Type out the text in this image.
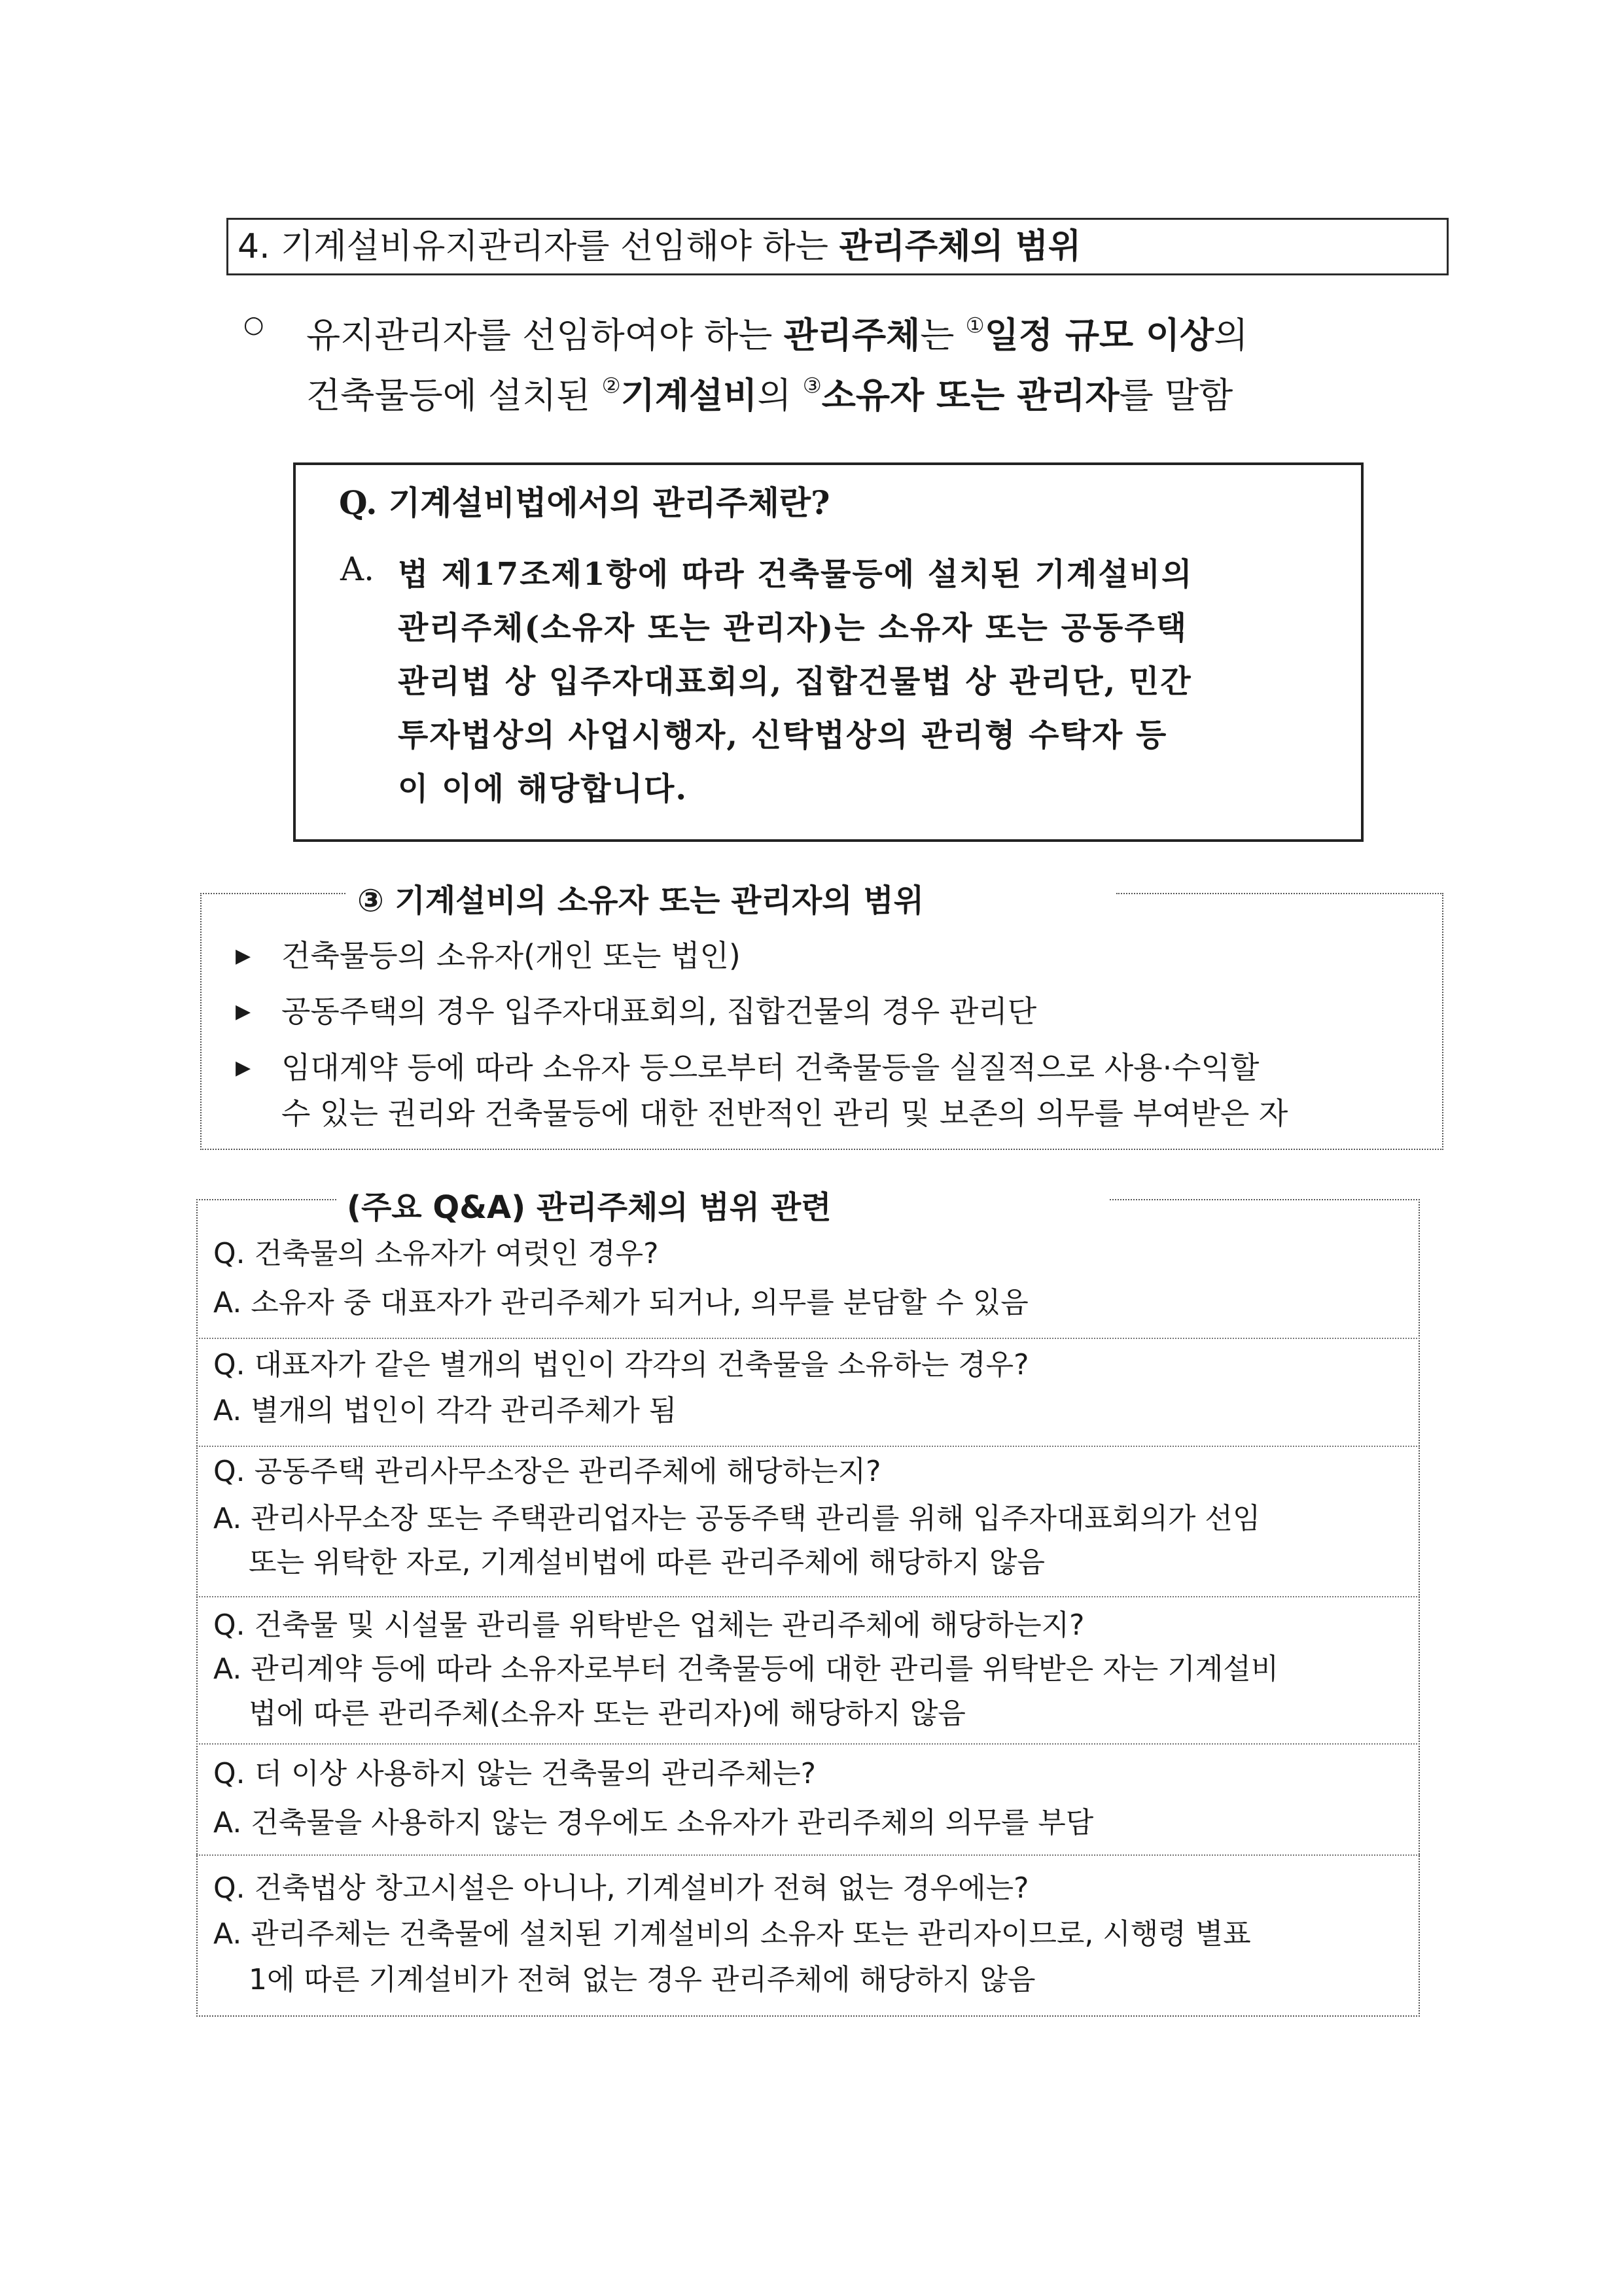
4. 기계설비유지관리자를 선임해야 하는 관리주체의 범위
○ 유지관리자를 선임하여야 하는 관리주체는 ①일정 규모 이상의
건축물등에 설치된 ②기계설비의 ③소유자 또는 관리자를 말함
Q. 기계설비법에서의 관리주체란?
A. 법 제17조제1항에 따라 건축물등에 설치된 기계설비의
관리주체(소유자 또는 관리자)는 소유자 또는 공동주택
관리법 상 입주자대표회의, 집합건물법 상 관리단, 민간
투자법상의 사업시행자, 신탁법상의 관리형 수탁자 등
이 이에 해당합니다.
③ 기계설비의 소유자 또는 관리자의 범위
▶ 건축물등의 소유자(개인 또는 법인)
▶ 공동주택의 경우 입주자대표회의, 집합건물의 경우 관리단
▶ 임대계약 등에 따라 소유자 등으로부터 건축물등을 실질적으로 사용·수익할
수 있는 권리와 건축물등에 대한 전반적인 관리 및 보존의 의무를 부여받은 자
(주요 Q&A) 관리주체의 범위 관련
Q. 건축물의 소유자가 여럿인 경우?
A. 소유자 중 대표자가 관리주체가 되거나, 의무를 분담할 수 있음
Q. 대표자가 같은 별개의 법인이 각각의 건축물을 소유하는 경우?
A. 별개의 법인이 각각 관리주체가 됨
Q. 공동주택 관리사무소장은 관리주체에 해당하는지?
A. 관리사무소장 또는 주택관리업자는 공동주택 관리를 위해 입주자대표회의가 선임
또는 위탁한 자로, 기계설비법에 따른 관리주체에 해당하지 않음
Q. 건축물 및 시설물 관리를 위탁받은 업체는 관리주체에 해당하는지?
A. 관리계약 등에 따라 소유자로부터 건축물등에 대한 관리를 위탁받은 자는 기계설비
법에 따른 관리주체(소유자 또는 관리자)에 해당하지 않음
Q. 더 이상 사용하지 않는 건축물의 관리주체는?
A. 건축물을 사용하지 않는 경우에도 소유자가 관리주체의 의무를 부담
Q. 건축법상 창고시설은 아니나, 기계설비가 전혀 없는 경우에는?
A. 관리주체는 건축물에 설치된 기계설비의 소유자 또는 관리자이므로, 시행령 별표
1에 따른 기계설비가 전혀 없는 경우 관리주체에 해당하지 않음
